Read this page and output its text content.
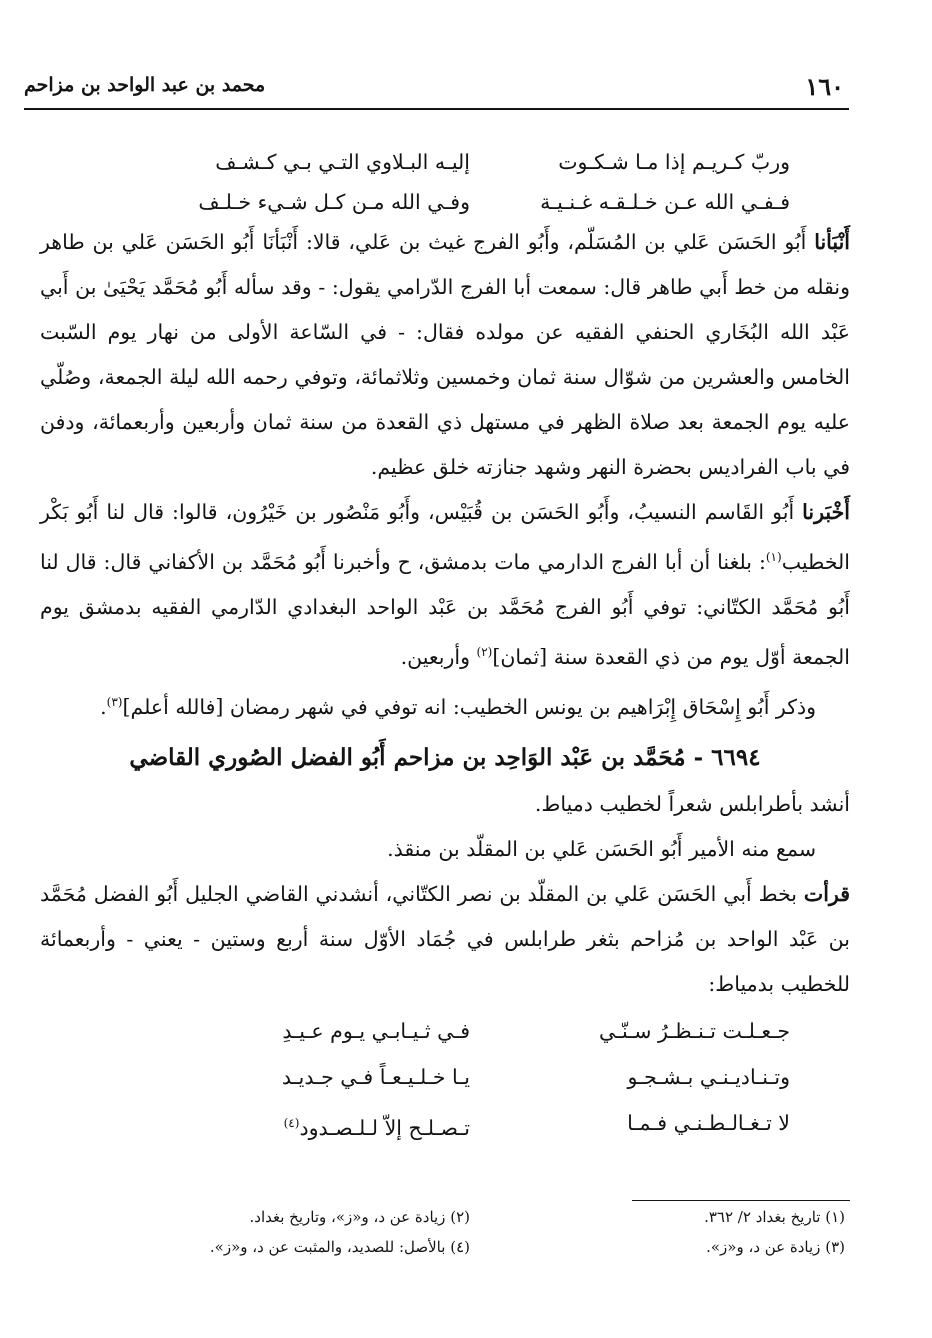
١٦٠
محمد بن عبد الواحد بن مزاحم
وربّ كـريـم إذا مـا شـكـوت
إليـه البـلاوي التـي بـي كـشـف
فـفـي الله عـن خـلـقـه غـنـيـة
وفـي الله مـن كـل شـيء خـلـف

أَنْبَأنا أَبُو الحَسَن عَلي بن المُسَلّم، وأَبُو الفرج غيث بن عَلي، قالا: أَنْبَأنَا أَبُو الحَسَن عَلي بن طاهر ونقله من خط أَبي طاهر قال: سمعت أبا الفرج الدّرامي يقول: - وقد سأله أَبُو مُحَمَّد يَحْيَىٰ بن أَبي عَبْد الله البُخَاري الحنفي الفقيه عن مولده فقال: - في السّاعة الأولى من نهار يوم السّبت الخامس والعشرين من شوّال سنة ثمان وخمسين وثلاثمائة، وتوفي رحمه الله ليلة الجمعة، وصُلّي عليه يوم الجمعة بعد صلاة الظهر في مستهل ذي القعدة من سنة ثمان وأربعين وأربعمائة، ودفن في باب الفراديس بحضرة النهر وشهد جنازته خلق عظيم.

أَخْبَرنا أَبُو القَاسم النسيبُ، وأَبُو الحَسَن بن قُبَيْس، وأَبُو مَنْصُور بن خَيْرُون، قالوا: قال لنا أَبُو بَكْر الخطيب$^{(١)}$: بلغنا أن أبا الفرج الدارمي مات بدمشق، ح وأخبرنا أَبُو مُحَمَّد بن الأكفاني قال: قال لنا أَبُو مُحَمَّد الكتّاني: توفي أَبُو الفرج مُحَمَّد بن عَبْد الواحد البغدادي الدّارمي الفقيه بدمشق يوم الجمعة أوّل يوم من ذي القعدة سنة [ثمان]$^{(٢)}$ وأربعين.

وذكر أَبُو إِسْحَاق إِبْرَاهيم بن يونس الخطيب: انه توفي في شهر رمضان [فالله أعلم]$^{(٣)}$.

٦٦٩٤ - مُحَمَّد بن عَبْد الوَاحِد بن مزاحم أَبُو الفضل الصُوري القاضي

أنشد بأطرابلس شعراً لخطيب دمياط.

سمع منه الأمير أَبُو الحَسَن عَلي بن المقلّد بن منقذ.

قرأت بخط أَبي الحَسَن عَلي بن المقلّد بن نصر الكتّاني، أنشدني القاضي الجليل أَبُو الفضل مُحَمَّد بن عَبْد الواحد بن مُزاحم بثغر طرابلس في جُمَاد الأوّل سنة أربع وستين - يعني - وأربعمائة للخطيب بدمياط:

جـعـلـت تـنـظـرُ سـنّـي
فـي ثـيـابـي يـوم عـيـدِ
وتـنـاديـنـي بـشـجـو
يـا خـلـيـعـاً فـي جـديـد
لا تـغـالـطـنـي فـمـا
تـصـلـح إلاّ لـلـصـدود$^{(٤)}$
(١) تاريخ بغداد ٢/ ٣٦٢.
(٣) زيادة عن د، و«ز».
(٢) زيادة عن د، و«ز»، وتاريخ بغداد.
(٤) بالأصل: للصديد، والمثبت عن د، و«ز».
